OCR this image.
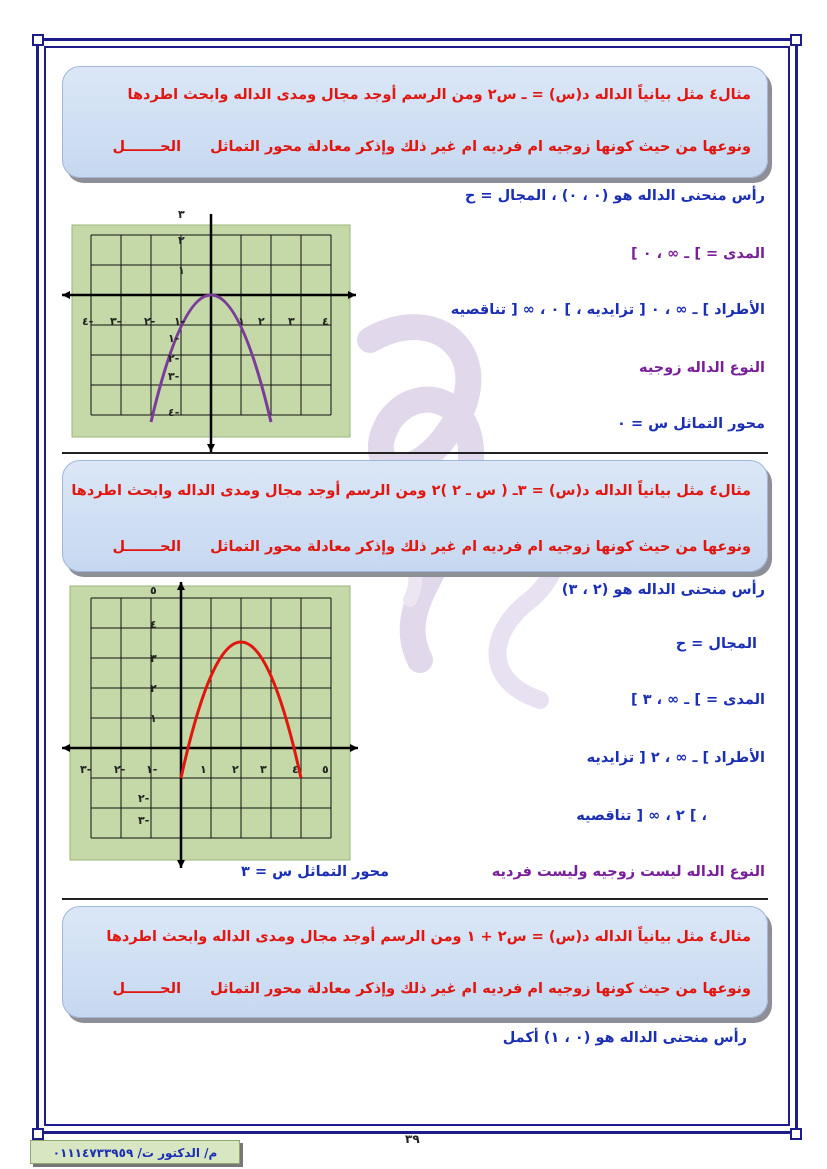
مثال٤ مثل بيانياً الداله د(س) = ـ س٢ ومن الرسم أوجد مجال ومدى الداله وابحث اطردها
ونوعها من حيث كونها زوجيه ام فرديه ام غير ذلك وإذكر معادلة محور التماثل الحـــــــل
رأس منحنى الداله هو (٠ ، ٠) ، المجال = ح
المدى = ] ـ ∞ ، ٠ ]
الأطراد ] ـ ∞ ، ٠ [ تزايديه ، ] ٠ ، ∞ [ تناقصيه
النوع الداله زوجيه
محور التماثل س = ٠
٤- ٣- ٢- ١-	١ ٢ ٣ ٤
٣
٢
١
١-
٢-
٣-
٤-
مثال٤ مثل بيانياً الداله د(س) = ٣ـ ( س ـ ٢ )٢ ومن الرسم أوجد مجال ومدى الداله وابحث اطردها
ونوعها من حيث كونها زوجيه ام فرديه ام غير ذلك وإذكر معادلة محور التماثل الحـــــــل
رأس منحنى الداله هو (٢ ، ٣)
المجال = ح
المدى = ] ـ ∞ ، ٣ ]
الأطراد ] ـ ∞ ، ٢ [ تزايديه
، ] ٢ ، ∞ [ تناقصيه
النوع الداله ليست زوجيه وليست فرديه
محور التماثل س = ٣
٣- ٢- ١-	١ ٢ ٣ ٤ ٥
٥
٤
٣
٢
١
٢-
٣-
مثال٤ مثل بيانياً الداله د(س) = س٢ + ١ ومن الرسم أوجد مجال ومدى الداله وابحث اطردها
ونوعها من حيث كونها زوجيه ام فرديه ام غير ذلك وإذكر معادلة محور التماثل الحـــــــل
رأس منحنى الداله هو (٠ ، ١) أكمل
٣٩
م/ الدكتور ت/ ٠١١١٤٧٣٣٩٥٩
